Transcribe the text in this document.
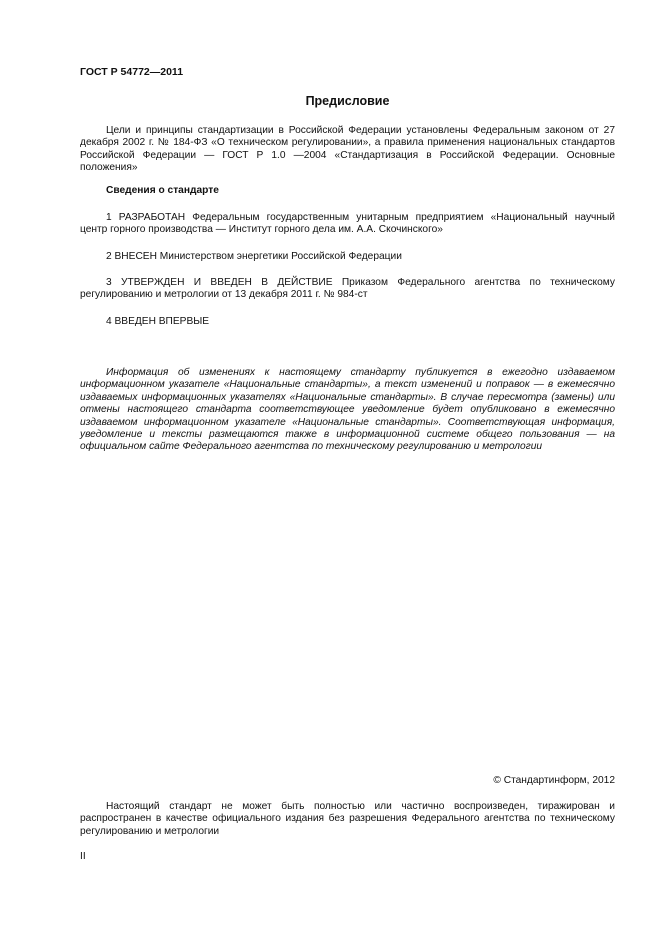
ГОСТ Р 54772—2011
Предисловие
Цели и принципы стандартизации в Российской Федерации установлены Федеральным законом от 27 декабря 2002 г. № 184-ФЗ «О техническом регулировании», а правила применения национальных стандартов Российской Федерации — ГОСТ Р 1.0 —2004 «Стандартизация в Российской Федерации. Основные положения»
Сведения о стандарте
1 РАЗРАБОТАН Федеральным государственным унитарным предприятием «Национальный научный центр горного производства — Институт горного дела им. А.А. Скочинского»
2 ВНЕСЕН Министерством энергетики Российской Федерации
3 УТВЕРЖДЕН И ВВЕДЕН В ДЕЙСТВИЕ Приказом Федерального агентства по техническому регулированию и метрологии от 13 декабря 2011 г. № 984-ст
4 ВВЕДЕН ВПЕРВЫЕ
Информация об изменениях к настоящему стандарту публикуется в ежегодно издаваемом информационном указателе «Национальные стандарты», а текст изменений и поправок — в ежемесячно издаваемых информационных указателях «Национальные стандарты». В случае пересмотра (замены) или отмены настоящего стандарта соответствующее уведомление будет опубликовано в ежемесячно издаваемом информационном указателе «Национальные стандарты». Соответствующая информация, уведомление и тексты размещаются также в информационной системе общего пользования — на официальном сайте Федерального агентства по техническому регулированию и метрологии
© Стандартинформ, 2012
Настоящий стандарт не может быть полностью или частично воспроизведен, тиражирован и распространен в качестве официального издания без разрешения Федерального агентства по техническому регулированию и метрологии
II
